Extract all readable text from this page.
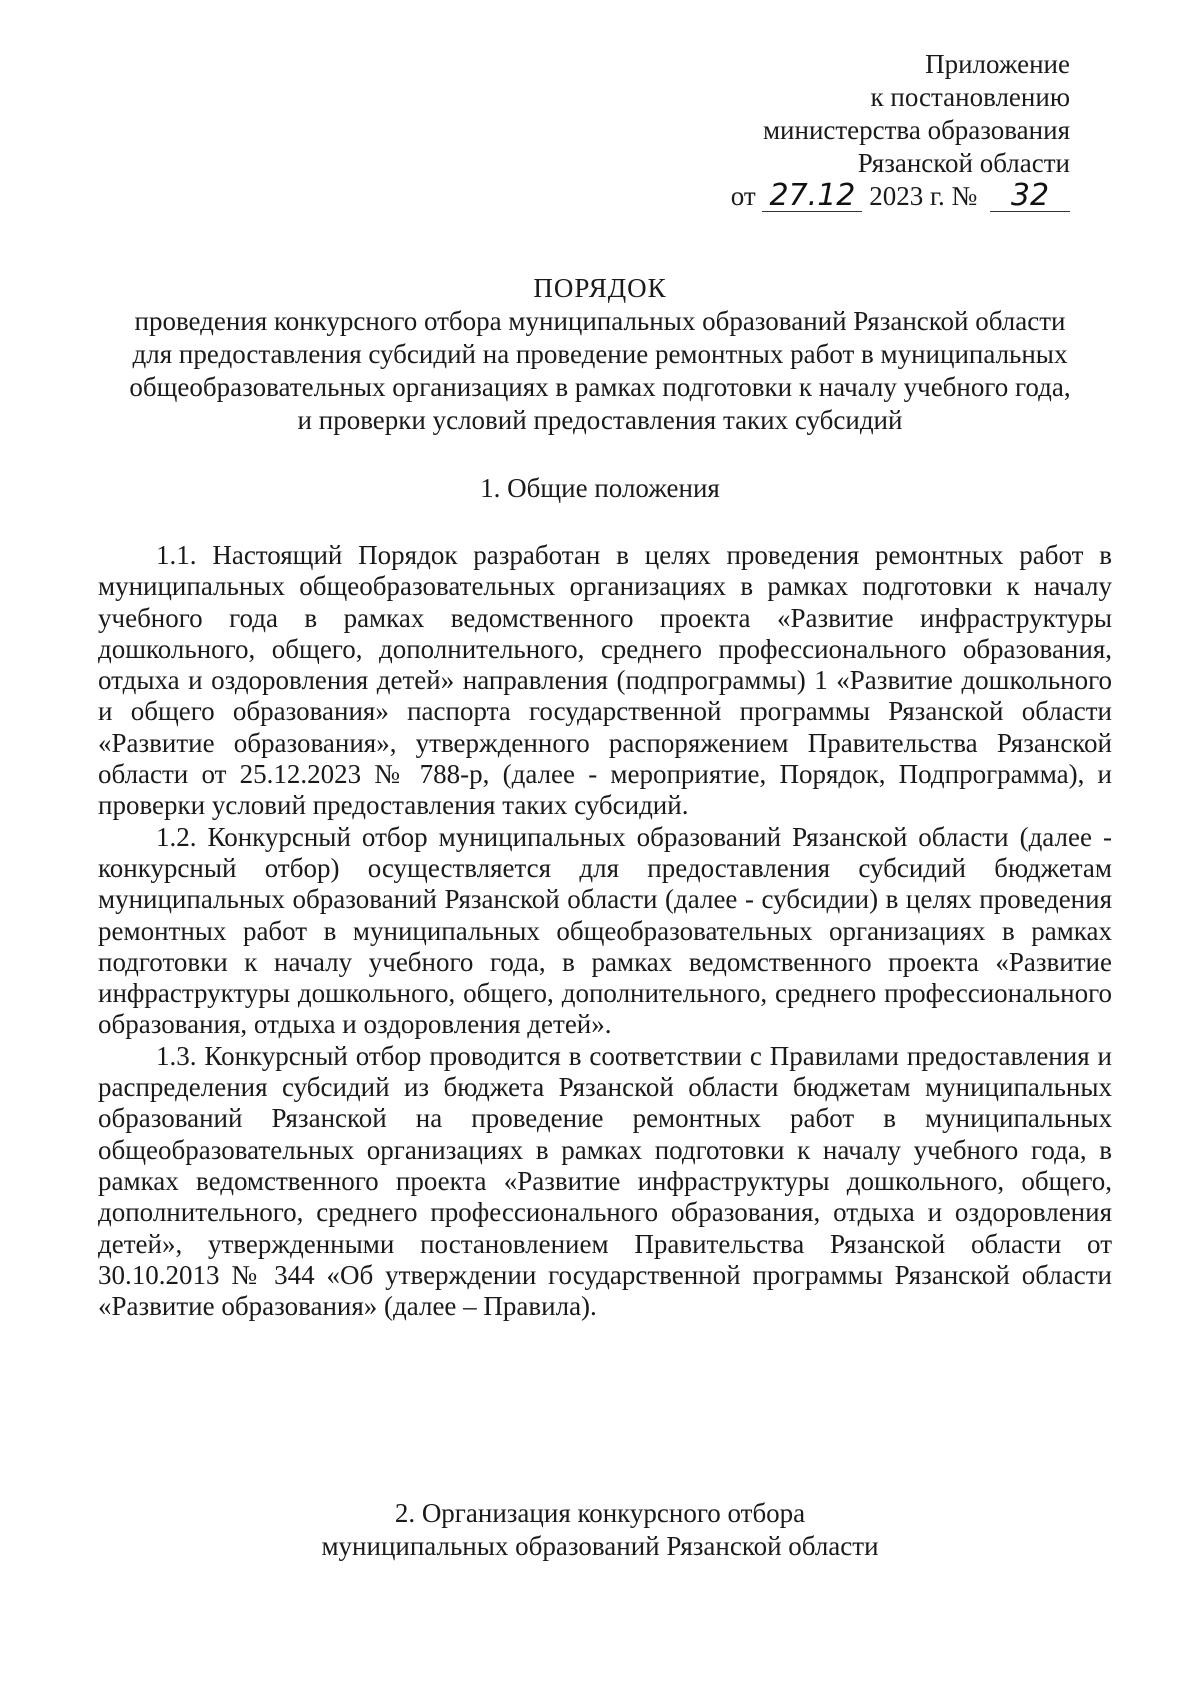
Приложение
к постановлению
министерства образования
Рязанской области
от 27.12 2023 г. № 32
ПОРЯДОК
проведения конкурсного отбора муниципальных образований Рязанской области
для предоставления субсидий на проведение ремонтных работ в муниципальных
общеобразовательных организациях в рамках подготовки к началу учебного года,
и проверки условий предоставления таких субсидий
1. Общие положения

1.1. Настоящий Порядок разработан в целях проведения ремонтных работ в муниципальных общеобразовательных организациях в рамках подготовки к началу учебного года в рамках ведомственного проекта «Развитие инфраструктуры дошкольного, общего, дополнительного, среднего профессионального образования, отдыха и оздоровления детей» направления (подпрограммы) 1 «Развитие дошкольного и общего образования» паспорта государственной программы Рязанской области «Развитие образования», утвержденного распоряжением Правительства Рязанской области от 25.12.2023 № 788-р, (далее - мероприятие, Порядок, Подпрограмма), и проверки условий предоставления таких субсидий.

1.2. Конкурсный отбор муниципальных образований Рязанской области (далее - конкурсный отбор) осуществляется для предоставления субсидий бюджетам муниципальных образований Рязанской области (далее - субсидии) в целях проведения ремонтных работ в муниципальных общеобразовательных организациях в рамках подготовки к началу учебного года, в рамках ведомственного проекта «Развитие инфраструктуры дошкольного, общего, дополнительного, среднего профессионального образования, отдыха и оздоровления детей».

1.3. Конкурсный отбор проводится в соответствии с Правилами предоставления и распределения субсидий из бюджета Рязанской области бюджетам муниципальных образований Рязанской на проведение ремонтных работ в муниципальных общеобразовательных организациях в рамках подготовки к началу учебного года, в рамках ведомственного проекта «Развитие инфраструктуры дошкольного, общего, дополнительного, среднего профессионального образования, отдыха и оздоровления детей», утвержденными постановлением Правительства Рязанской области от 30.10.2013 № 344 «Об утверждении государственной программы Рязанской области «Развитие образования» (далее – Правила).

2. Организация конкурсного отбора
муниципальных образований Рязанской области
